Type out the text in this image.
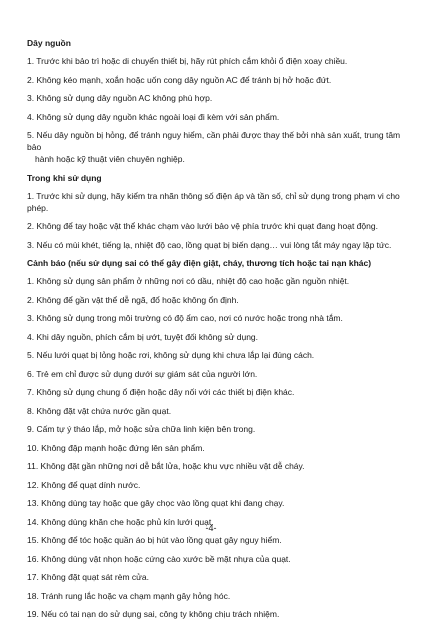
Dây nguồn
1. Trước khi bảo trì hoặc di chuyển thiết bị, hãy rút phích cắm khỏi ổ điện xoay chiều.
2. Không kéo mạnh, xoắn hoặc uốn cong dây nguồn AC để tránh bị hở hoặc đứt.
3. Không sử dụng dây nguồn AC không phù hợp.
4. Không sử dụng dây nguồn khác ngoài loại đi kèm với sản phẩm.
5. Nếu dây nguồn bị hỏng, để tránh nguy hiểm, cần phải được thay thế bởi nhà sản xuất, trung tâm bảo
hành hoặc kỹ thuật viên chuyên nghiệp.
Trong khi sử dụng
1. Trước khi sử dụng, hãy kiểm tra nhãn thông số điện áp và tần số, chỉ sử dụng trong phạm vi cho phép.
2. Không để tay hoặc vật thể khác chạm vào lưới bảo vệ phía trước khi quạt đang hoạt động.
3. Nếu có mùi khét, tiếng lạ, nhiệt độ cao, lồng quạt bị biến dạng… vui lòng tắt máy ngay lập tức.
Cảnh báo (nếu sử dụng sai có thể gây điện giật, cháy, thương tích hoặc tai nạn khác)
1. Không sử dụng sản phẩm ở những nơi có dầu, nhiệt độ cao hoặc gần nguồn nhiệt.
2. Không để gần vật thể dễ ngã, đổ hoặc không ổn định.
3. Không sử dụng trong môi trường có độ ẩm cao, nơi có nước hoặc trong nhà tắm.
4. Khi dây nguồn, phích cắm bị ướt, tuyệt đối không sử dụng.
5. Nếu lưới quạt bị lỏng hoặc rơi, không sử dụng khi chưa lắp lại đúng cách.
6. Trẻ em chỉ được sử dụng dưới sự giám sát của người lớn.
7. Không sử dụng chung ổ điện hoặc dây nối với các thiết bị điện khác.
8. Không đặt vật chứa nước gần quạt.
9. Cấm tự ý tháo lắp, mở hoặc sửa chữa linh kiện bên trong.
10. Không đập mạnh hoặc đứng lên sản phẩm.
11. Không đặt gần những nơi dễ bắt lửa, hoặc khu vực nhiều vật dễ cháy.
12. Không để quạt dính nước.
13. Không dùng tay hoặc que gây chọc vào lồng quạt khi đang chạy.
14. Không dùng khăn che hoặc phủ kín lưới quạt.
15. Không để tóc hoặc quần áo bị hút vào lồng quạt gây nguy hiểm.
16. Không dùng vật nhọn hoặc cứng cào xước bề mặt nhựa của quạt.
17. Không đặt quạt sát rèm cửa.
18. Tránh rung lắc hoặc va chạm mạnh gây hỏng hóc.
19. Nếu có tai nạn do sử dụng sai, công ty không chịu trách nhiệm.
-4-
